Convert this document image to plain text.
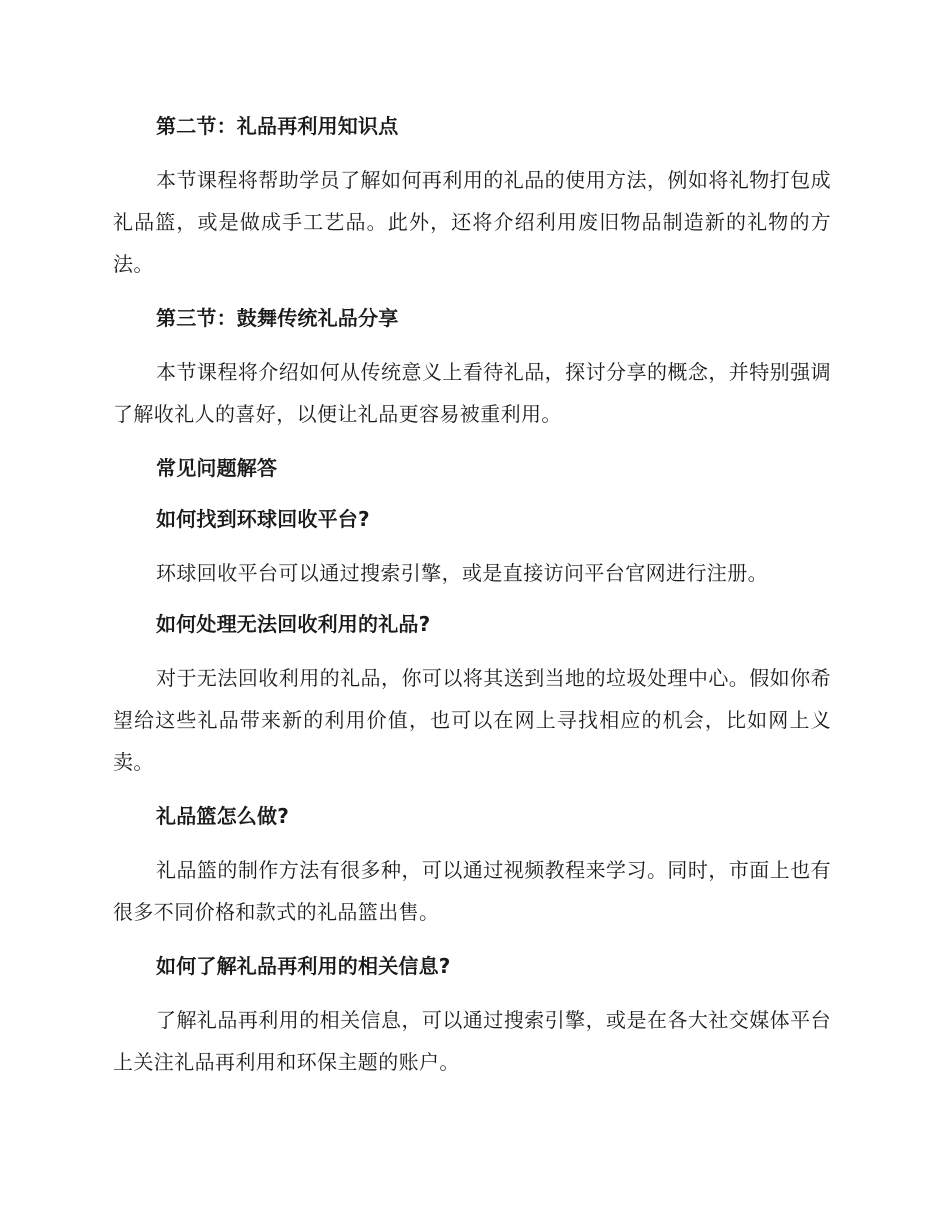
第二节：礼品再利用知识点
本节课程将帮助学员了解如何再利用的礼品的使用方法，例如将礼物打包成礼品篮，或是做成手工艺品。此外，还将介绍利用废旧物品制造新的礼物的方法。
第三节：鼓舞传统礼品分享
本节课程将介绍如何从传统意义上看待礼品，探讨分享的概念，并特别强调了解收礼人的喜好，以便让礼品更容易被重利用。
常见问题解答
如何找到环球回收平台?
环球回收平台可以通过搜索引擎，或是直接访问平台官网进行注册。
如何处理无法回收利用的礼品?
对于无法回收利用的礼品，你可以将其送到当地的垃圾处理中心。假如你希望给这些礼品带来新的利用价值，也可以在网上寻找相应的机会，比如网上义卖。
礼品篮怎么做?
礼品篮的制作方法有很多种，可以通过视频教程来学习。同时，市面上也有很多不同价格和款式的礼品篮出售。
如何了解礼品再利用的相关信息?
了解礼品再利用的相关信息，可以通过搜索引擎，或是在各大社交媒体平台上关注礼品再利用和环保主题的账户。
